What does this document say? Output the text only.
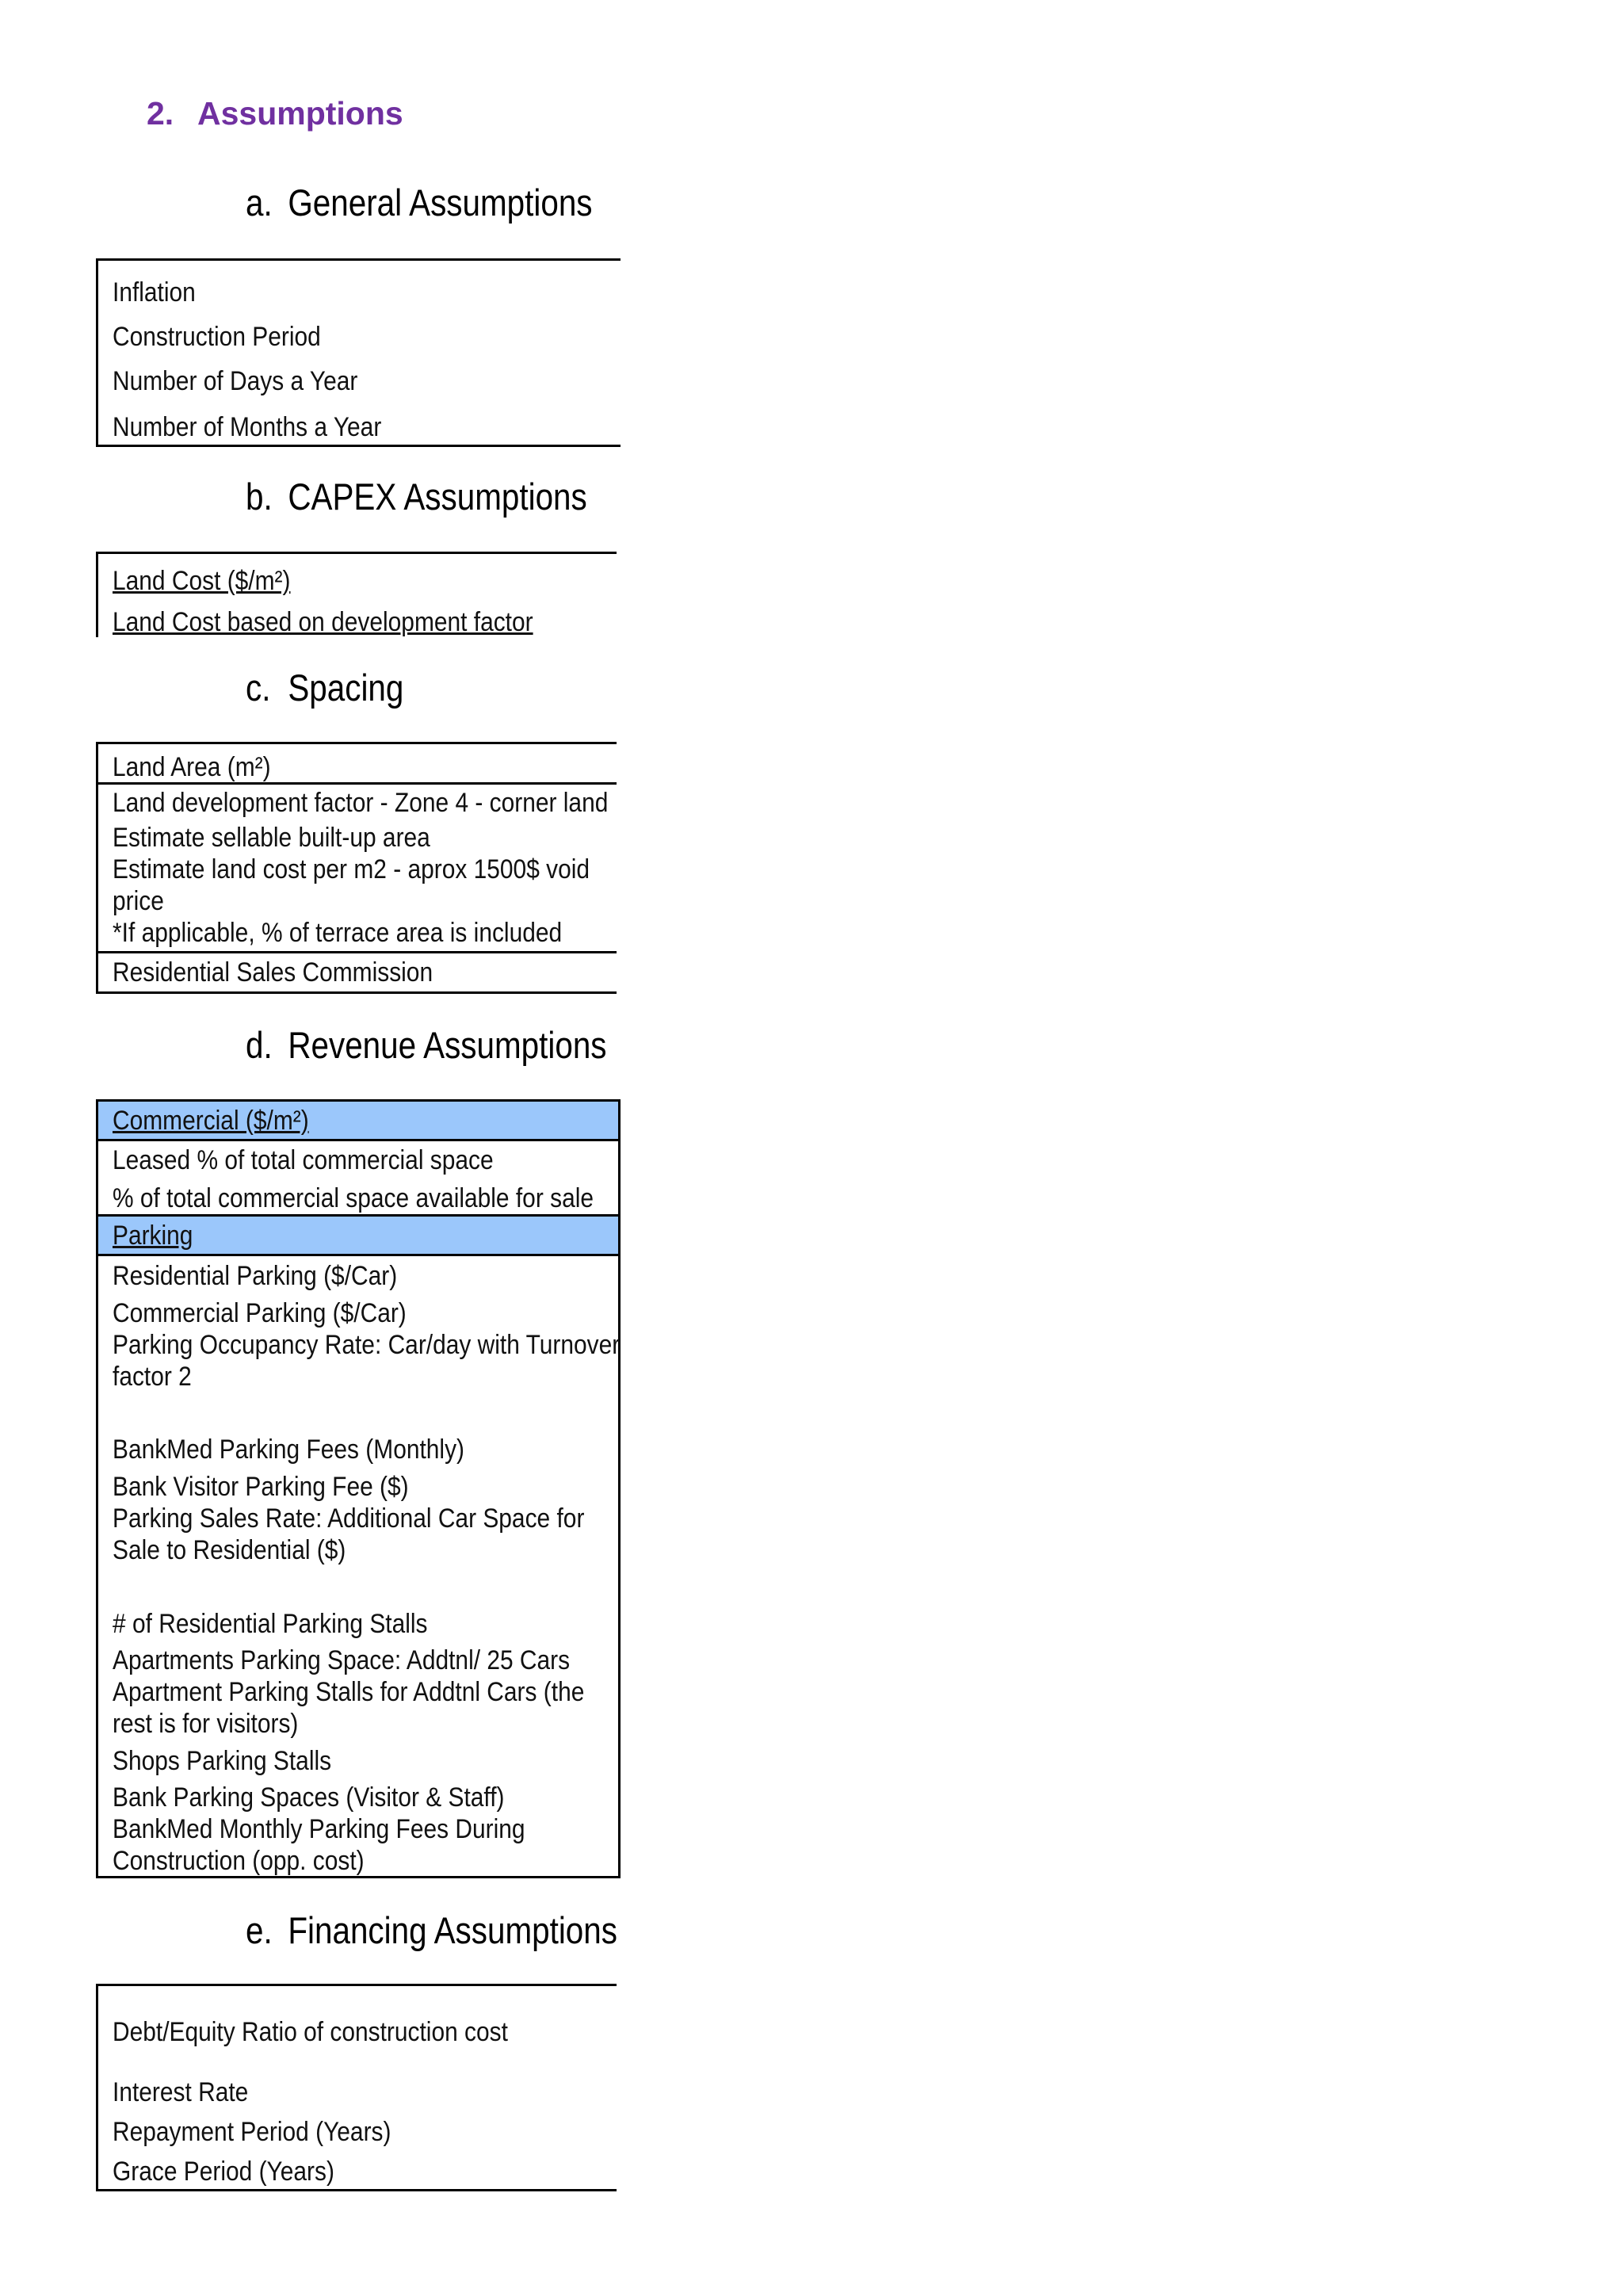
2. Assumptions
a. General Assumptions
Inflation
Construction Period
Number of Days a Year
Number of Months a Year
b. CAPEX Assumptions
Land Cost ($/m²)
Land Cost based on development factor
c. Spacing
Land Area (m²)
Land development factor - Zone 4 - corner land
Estimate sellable built-up area
Estimate land cost per m2 - aprox 1500$ void price
*If applicable, % of terrace area is included
Residential Sales Commission
d. Revenue Assumptions
Commercial ($/m²)
Leased % of total commercial space
% of total commercial space available for sale
Parking
Residential Parking ($/Car)
Commercial Parking ($/Car)
Parking Occupancy Rate: Car/day with Turnover factor 2
BankMed Parking Fees (Monthly)
Bank Visitor Parking Fee ($)
Parking Sales Rate: Additional Car Space for Sale to Residential ($)
# of Residential Parking Stalls
Apartments Parking Space: Addtnl/ 25 Cars
Apartment Parking Stalls for Addtnl Cars (the rest is for visitors)
Shops Parking Stalls
Bank Parking Spaces (Visitor & Staff)
BankMed Monthly Parking Fees During Construction (opp. cost)
e. Financing Assumptions
Debt/Equity Ratio of construction cost
Interest Rate
Repayment Period (Years)
Grace Period (Years)
